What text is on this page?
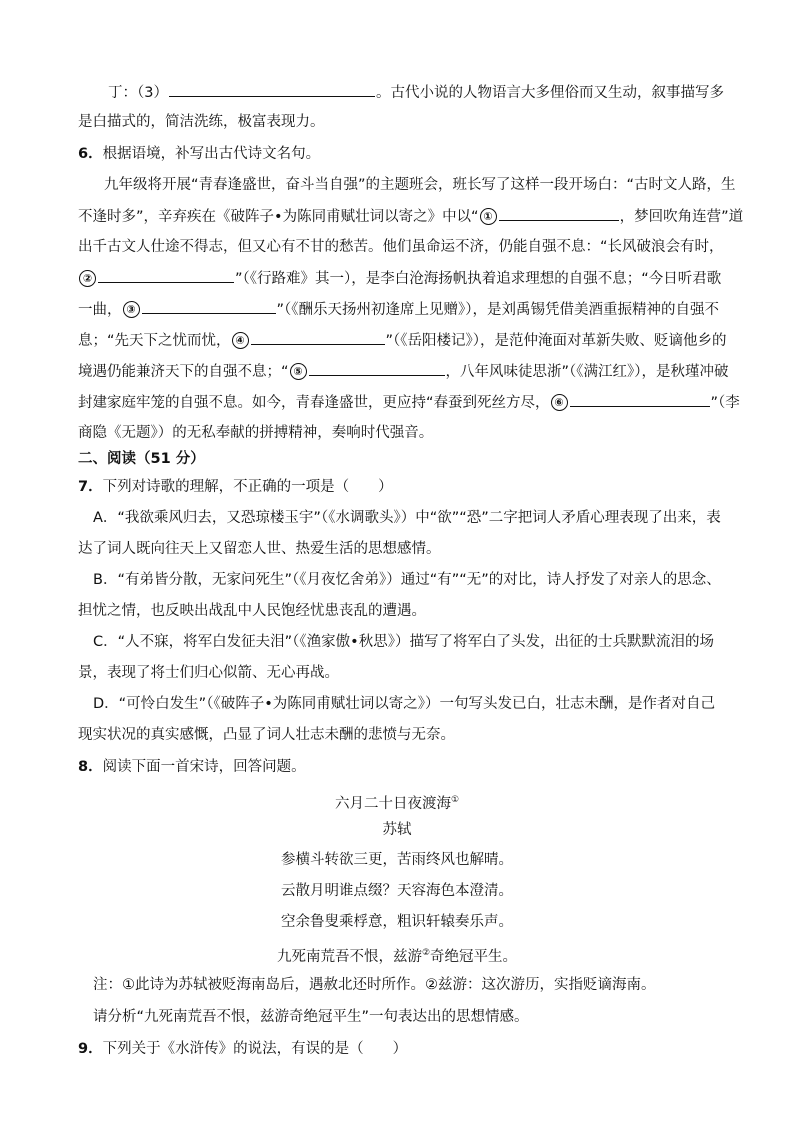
丁：（3）	。古代小说的人物语言大多俚俗而又生动，叙事描写多
是白描式的，简洁洗练，极富表现力。
6．根据语境，补写出古代诗文名句。
九年级将开展“青春逢盛世，奋斗当自强”的主题班会，班长写了这样一段开场白：“古时文人路，生
不逢时多”，辛弃疾在《破阵子•为陈同甫赋壮词以寄之》中以“ ①	，梦回吹角连营”道
出千古文人仕途不得志，但又心有不甘的愁苦。他们虽命运不济，仍能自强不息：“长风破浪会有时，
②	”（《行路难》其一），是李白沧海扬帆执着追求理想的自强不息；“今日听君歌
一曲， ③	”（《酬乐天扬州初逢席上见赠》），是刘禹锡凭借美酒重振精神的自强不
息；“先天下之忧而忧， ④	”（《岳阳楼记》），是范仲淹面对革新失败、贬谪他乡的
境遇仍能兼济天下的自强不息；“ ⑤	，八年风味徒思浙”（《满江红》），是秋瑾冲破
封建家庭牢笼的自强不息。如今，青春逢盛世，更应持“春蚕到死丝方尽， ⑥	”（李
商隐《无题》）的无私奉献的拼搏精神，奏响时代强音。
二、阅读（51 分）
7．下列对诗歌的理解，不正确的一项是（　　）
A．“我欲乘风归去，又恐琼楼玉宇”（《水调歌头》）中“欲”“恐”二字把词人矛盾心理表现了出来，表
达了词人既向往天上又留恋人世、热爱生活的思想感情。
B．“有弟皆分散，无家问死生”（《月夜忆舍弟》）通过“有”“无”的对比，诗人抒发了对亲人的思念、
担忧之情，也反映出战乱中人民饱经忧患丧乱的遭遇。
C．“人不寐，将军白发征夫泪”（《渔家傲•秋思》）描写了将军白了头发，出征的士兵默默流泪的场
景，表现了将士们归心似箭、无心再战。
D．“可怜白发生”（《破阵子•为陈同甫赋壮词以寄之》）一句写头发已白，壮志未酬，是作者对自己
现实状况的真实感慨，凸显了词人壮志未酬的悲愤与无奈。
8．阅读下面一首宋诗，回答问题。
六月二十日夜渡海①
苏轼
参横斗转欲三更，苦雨终风也解晴。
云散月明谁点缀？天容海色本澄清。
空余鲁叟乘桴意，粗识轩辕奏乐声。
九死南荒吾不恨，兹游②奇绝冠平生。
注：①此诗为苏轼被贬海南岛后，遇赦北还时所作。②兹游：这次游历，实指贬谪海南。
请分析“九死南荒吾不恨，兹游奇绝冠平生”一句表达出的思想情感。
9．下列关于《水浒传》的说法，有误的是（　　）
